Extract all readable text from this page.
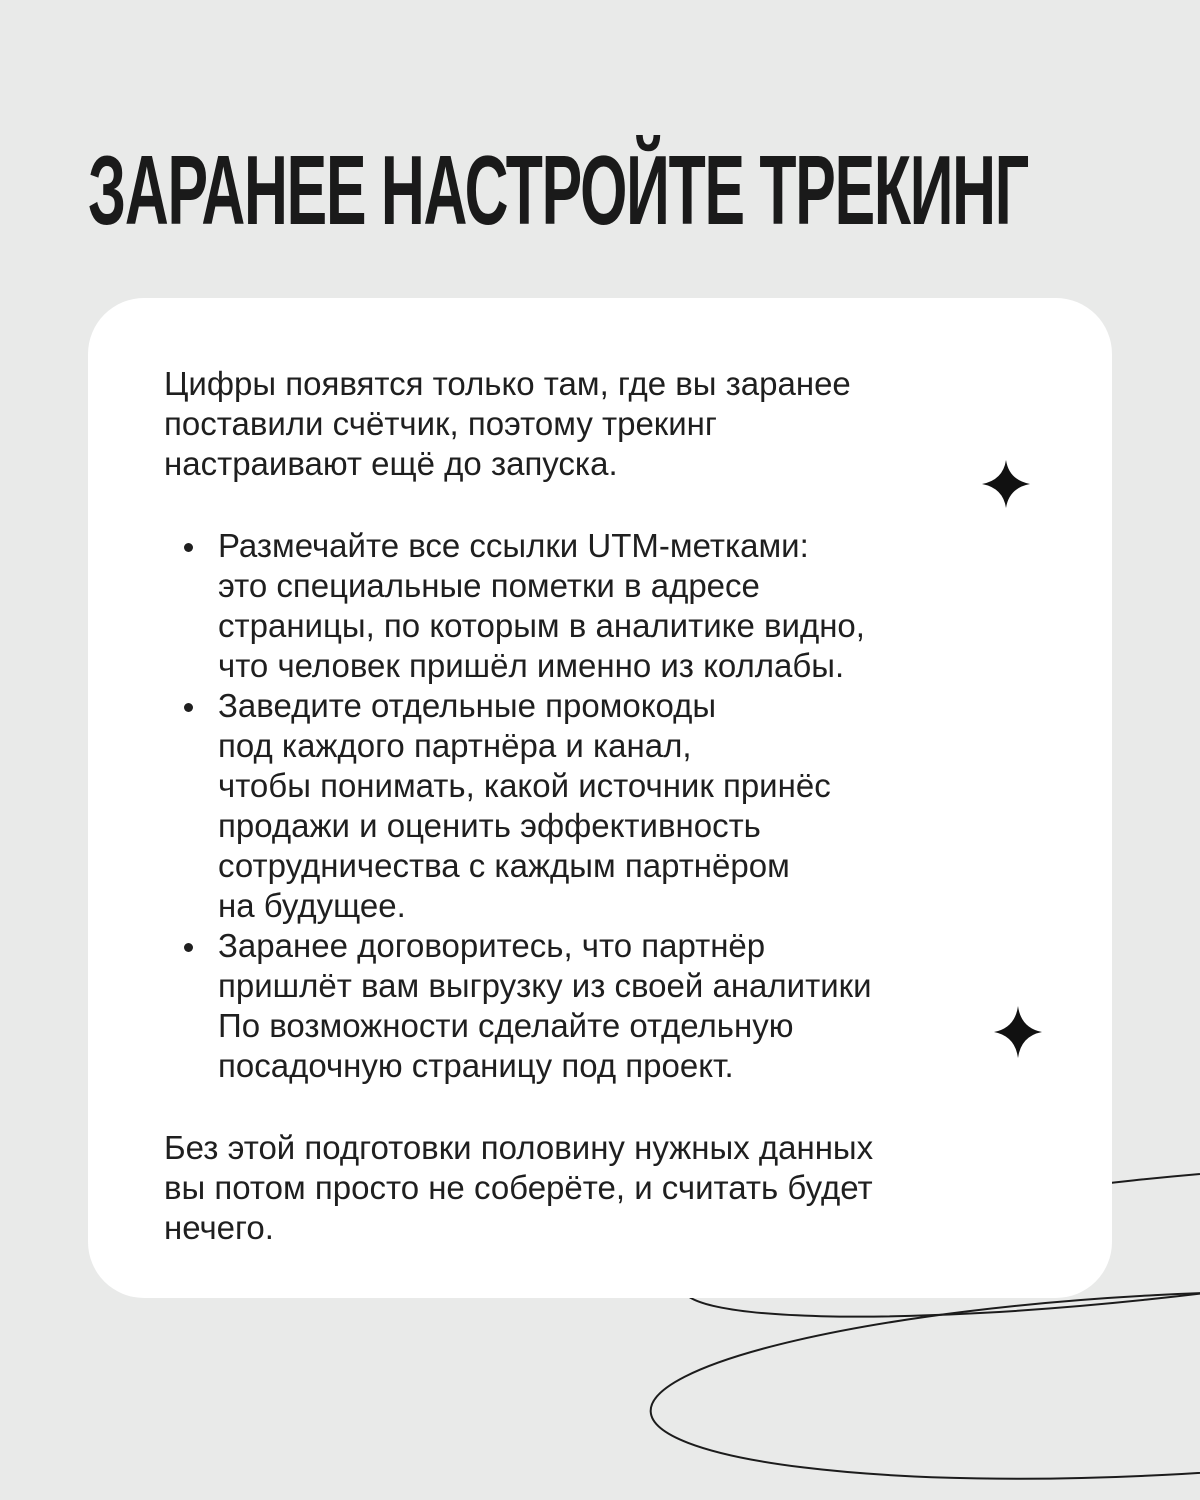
ЗАРАНЕЕ НАСТРОЙТЕ ТРЕКИНГ

Цифры появятся только там, где вы заранее
поставили счётчик, поэтому трекинг
настраивают ещё до запуска.

Размечайте все ссылки UTM-метками:
это специальные пометки в адресе
страницы, по которым в аналитике видно,
что человек пришёл именно из коллабы.
Заведите отдельные промокоды
под каждого партнёра и канал,
чтобы понимать, какой источник принёс
продажи и оценить эффективность
сотрудничества с каждым партнёром
на будущее.
Заранее договоритесь, что партнёр
пришлёт вам выгрузку из своей аналитики
По возможности сделайте отдельную
посадочную страницу под проект.

Без этой подготовки половину нужных данных
вы потом просто не соберёте, и считать будет
нечего.
